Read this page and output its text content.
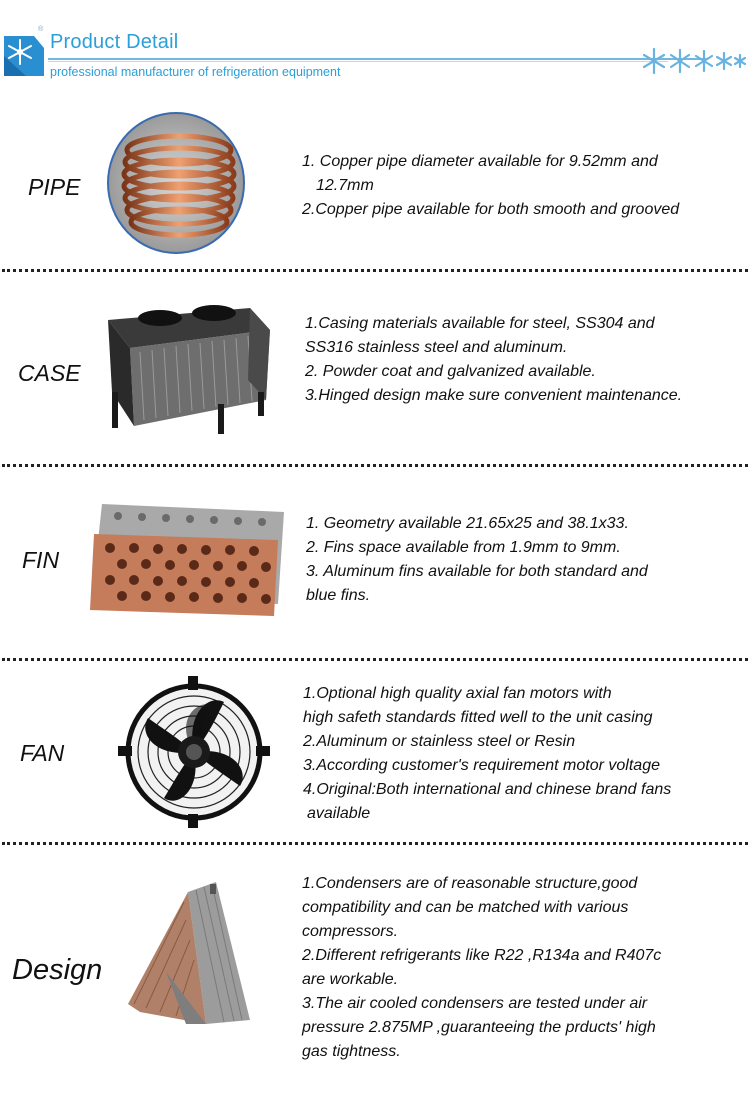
®
Product Detail
professional manufacturer of refrigeration equipment
PIPE
1. Copper pipe diameter available for 9.52mm and
12.7mm
2.Copper pipe available for both smooth and grooved
CASE
1.Casing materials available for steel, SS304 and
SS316 stainless steel and aluminum.
2. Powder coat and galvanized available.
3.Hinged design make sure convenient maintenance.
FIN
1. Geometry available 21.65x25 and 38.1x33.
2. Fins space available from 1.9mm to 9mm.
3. Aluminum fins available for both standard and
blue fins.
FAN
1.Optional high quality axial fan motors with
high safeth standards fitted well to the unit casing
2.Aluminum or stainless steel or Resin
3.According customer's requirement motor voltage
4.Original:Both international and chinese brand fans
available
Design
1.Condensers are of reasonable structure,good
compatibility and can be matched with various
compressors.
2.Different refrigerants like R22 ,R134a and R407c
are workable.
3.The air cooled condensers are tested under air
pressure 2.875MP ,guaranteeing the prducts' high
gas tightness.
